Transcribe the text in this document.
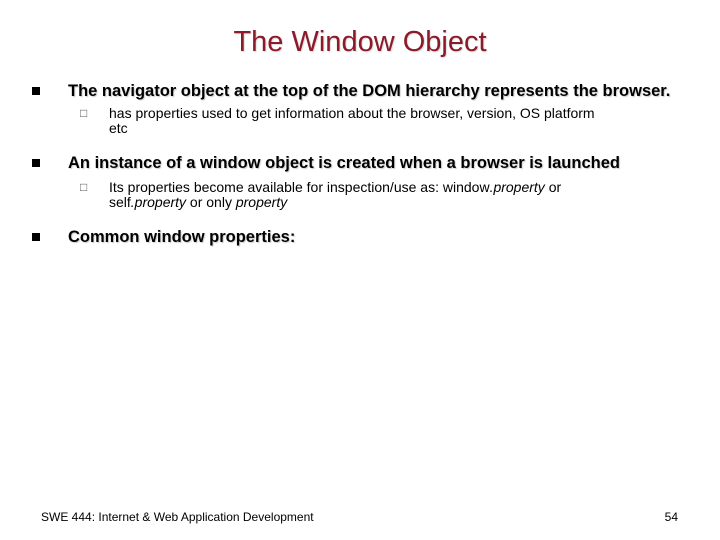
The Window Object
The navigator object at the top of the DOM hierarchy represents the browser.
□ has properties used to get information about the browser, version, OS platform
etc
An instance of a window object is created when a browser is launched
□ Its properties become available for inspection/use as: window.property or
self.property or only property
Common window properties:
SWE 444: Internet & Web Application Development	54
